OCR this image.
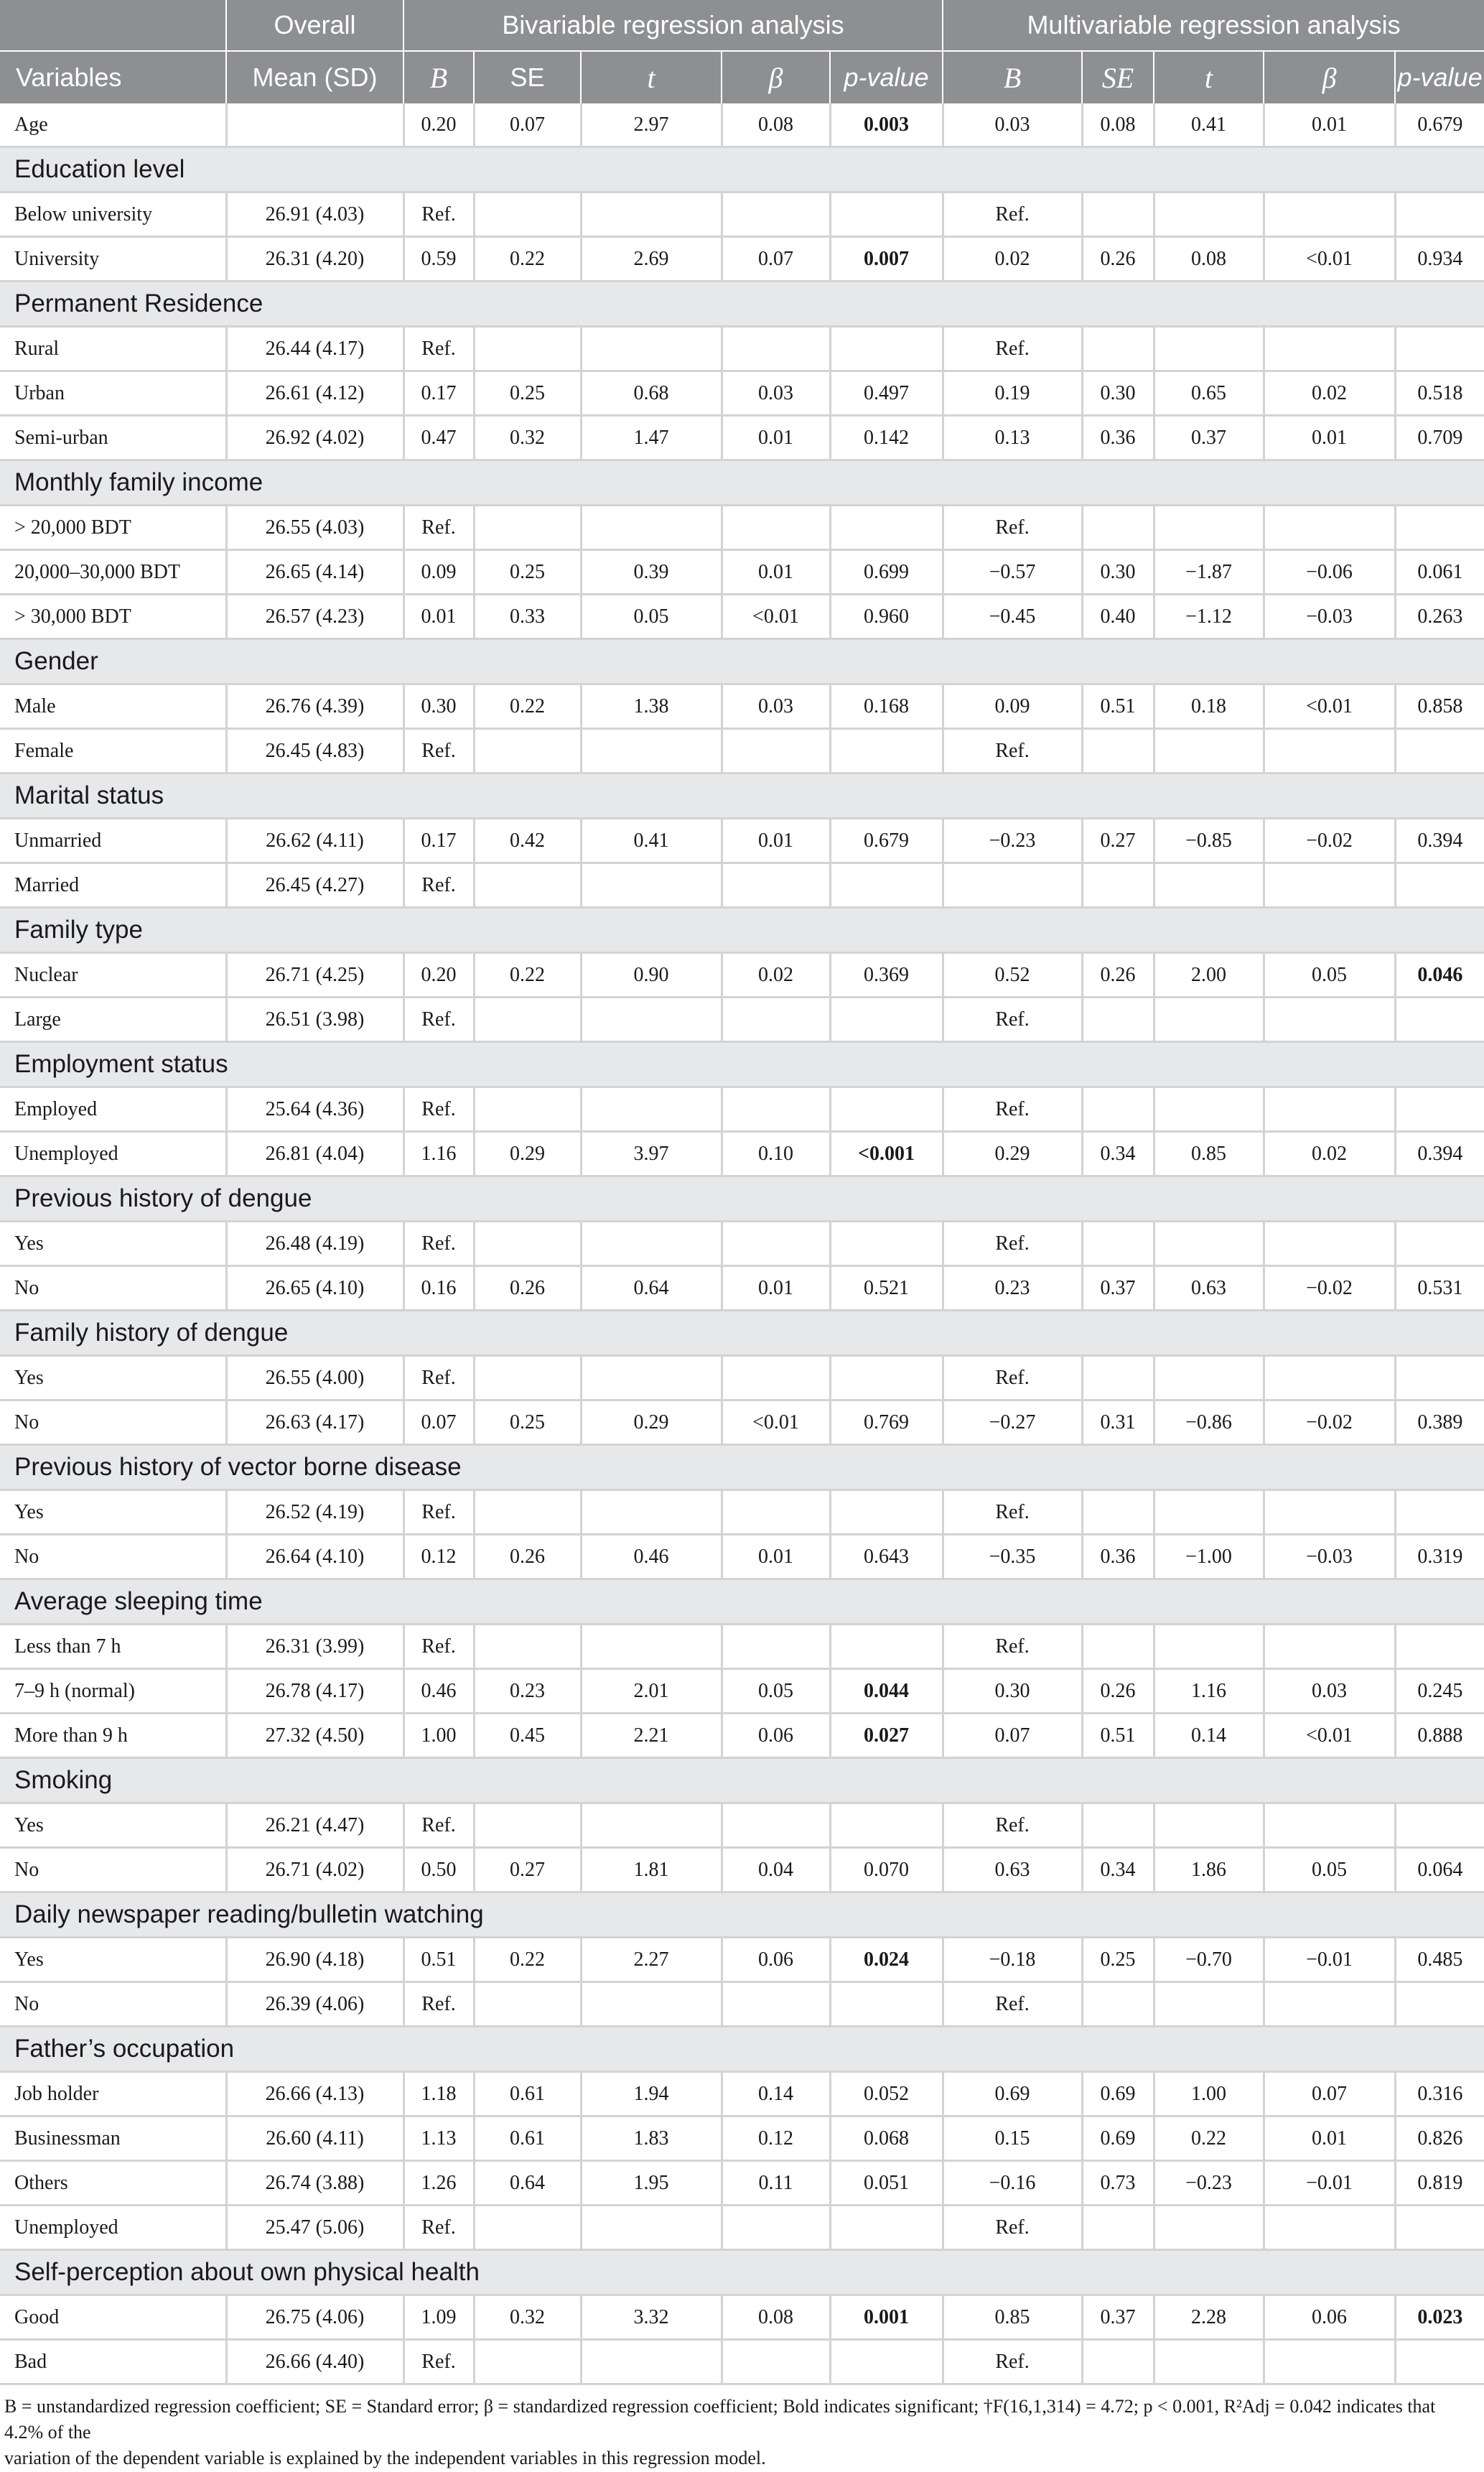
	Overall	Bivariable regression analysis					Multivariable regression analysis				
Variables	Mean (SD)	B	SE	t	β	p-value	B	SE	t	β	p-value
Age		0.20	0.07	2.97	0.08	0.003	0.03	0.08	0.41	0.01	0.679
Education level											
Below university	26.91 (4.03)	Ref.					Ref.				
University	26.31 (4.20)	0.59	0.22	2.69	0.07	0.007	0.02	0.26	0.08	<0.01	0.934
Permanent Residence											
Rural	26.44 (4.17)	Ref.					Ref.				
Urban	26.61 (4.12)	0.17	0.25	0.68	0.03	0.497	0.19	0.30	0.65	0.02	0.518
Semi-urban	26.92 (4.02)	0.47	0.32	1.47	0.01	0.142	0.13	0.36	0.37	0.01	0.709
Monthly family income											
> 20,000 BDT	26.55 (4.03)	Ref.					Ref.				
20,000–30,000 BDT	26.65 (4.14)	0.09	0.25	0.39	0.01	0.699	−0.57	0.30	−1.87	−0.06	0.061
> 30,000 BDT	26.57 (4.23)	0.01	0.33	0.05	<0.01	0.960	−0.45	0.40	−1.12	−0.03	0.263
Gender											
Male	26.76 (4.39)	0.30	0.22	1.38	0.03	0.168	0.09	0.51	0.18	<0.01	0.858
Female	26.45 (4.83)	Ref.					Ref.				
Marital status											
Unmarried	26.62 (4.11)	0.17	0.42	0.41	0.01	0.679	−0.23	0.27	−0.85	−0.02	0.394
Married	26.45 (4.27)	Ref.									
Family type											
Nuclear	26.71 (4.25)	0.20	0.22	0.90	0.02	0.369	0.52	0.26	2.00	0.05	0.046
Large	26.51 (3.98)	Ref.					Ref.				
Employment status											
Employed	25.64 (4.36)	Ref.					Ref.				
Unemployed	26.81 (4.04)	1.16	0.29	3.97	0.10	<0.001	0.29	0.34	0.85	0.02	0.394
Previous history of dengue											
Yes	26.48 (4.19)	Ref.					Ref.				
No	26.65 (4.10)	0.16	0.26	0.64	0.01	0.521	0.23	0.37	0.63	−0.02	0.531
Family history of dengue											
Yes	26.55 (4.00)	Ref.					Ref.				
No	26.63 (4.17)	0.07	0.25	0.29	<0.01	0.769	−0.27	0.31	−0.86	−0.02	0.389
Previous history of vector borne disease											
Yes	26.52 (4.19)	Ref.					Ref.				
No	26.64 (4.10)	0.12	0.26	0.46	0.01	0.643	−0.35	0.36	−1.00	−0.03	0.319
Average sleeping time											
Less than 7 h	26.31 (3.99)	Ref.					Ref.				
7–9 h (normal)	26.78 (4.17)	0.46	0.23	2.01	0.05	0.044	0.30	0.26	1.16	0.03	0.245
More than 9 h	27.32 (4.50)	1.00	0.45	2.21	0.06	0.027	0.07	0.51	0.14	<0.01	0.888
Smoking											
Yes	26.21 (4.47)	Ref.					Ref.				
No	26.71 (4.02)	0.50	0.27	1.81	0.04	0.070	0.63	0.34	1.86	0.05	0.064
Daily newspaper reading/bulletin watching											
Yes	26.90 (4.18)	0.51	0.22	2.27	0.06	0.024	−0.18	0.25	−0.70	−0.01	0.485
No	26.39 (4.06)	Ref.					Ref.				
Father’s occupation											
Job holder	26.66 (4.13)	1.18	0.61	1.94	0.14	0.052	0.69	0.69	1.00	0.07	0.316
Businessman	26.60 (4.11)	1.13	0.61	1.83	0.12	0.068	0.15	0.69	0.22	0.01	0.826
Others	26.74 (3.88)	1.26	0.64	1.95	0.11	0.051	−0.16	0.73	−0.23	−0.01	0.819
Unemployed	25.47 (5.06)	Ref.					Ref.				
Self-perception about own physical health											
Good	26.75 (4.06)	1.09	0.32	3.32	0.08	0.001	0.85	0.37	2.28	0.06	0.023
Bad	26.66 (4.40)	Ref.					Ref.				
B = unstandardized regression coefficient; SE = Standard error; β = standardized regression coefficient; Bold indicates significant; †F(16,1,314) = 4.72; p < 0.001, R²Adj = 0.042 indicates that 4.2% of the
variation of the dependent variable is explained by the independent variables in this regression model.
